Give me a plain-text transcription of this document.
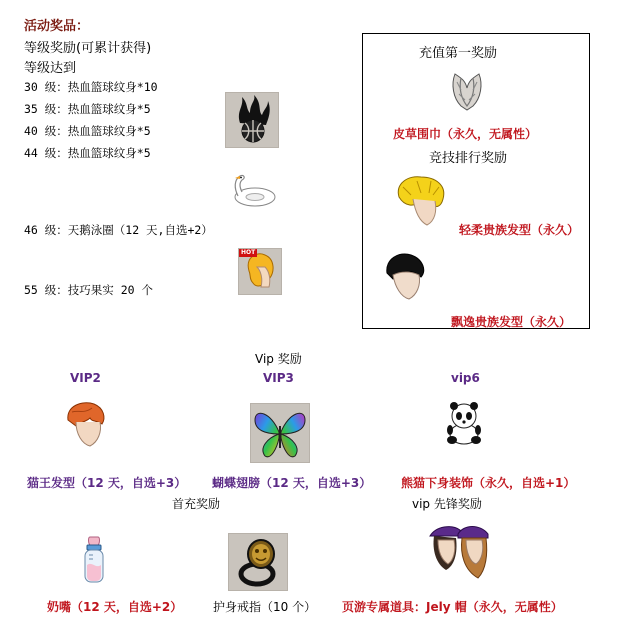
活动奖品：
等级奖励(可累计获得)
等级达到
30 级：热血篮球纹身*10
35 级：热血篮球纹身*5
40 级：热血篮球纹身*5
44 级：热血篮球纹身*5
46 级：天鹅泳圈（12 天,自选+2）
55 级：技巧果实 20 个
HOT
充值第一奖励
皮草围巾（永久，无属性）
竞技排行奖励
轻柔贵族发型（永久）
飘逸贵族发型（永久）
Vip 奖励
VIP2	VIP3	vip6
猫王发型（12 天，自选+3） 蝴蝶翅膀（12 天，自选+3） 熊猫下身装饰（永久，自选+1）
首充奖励	vip 先锋奖励
奶嘴（12 天，自选+2）	护身戒指（10 个） 页游专属道具：Jely 帽（永久，无属性）
